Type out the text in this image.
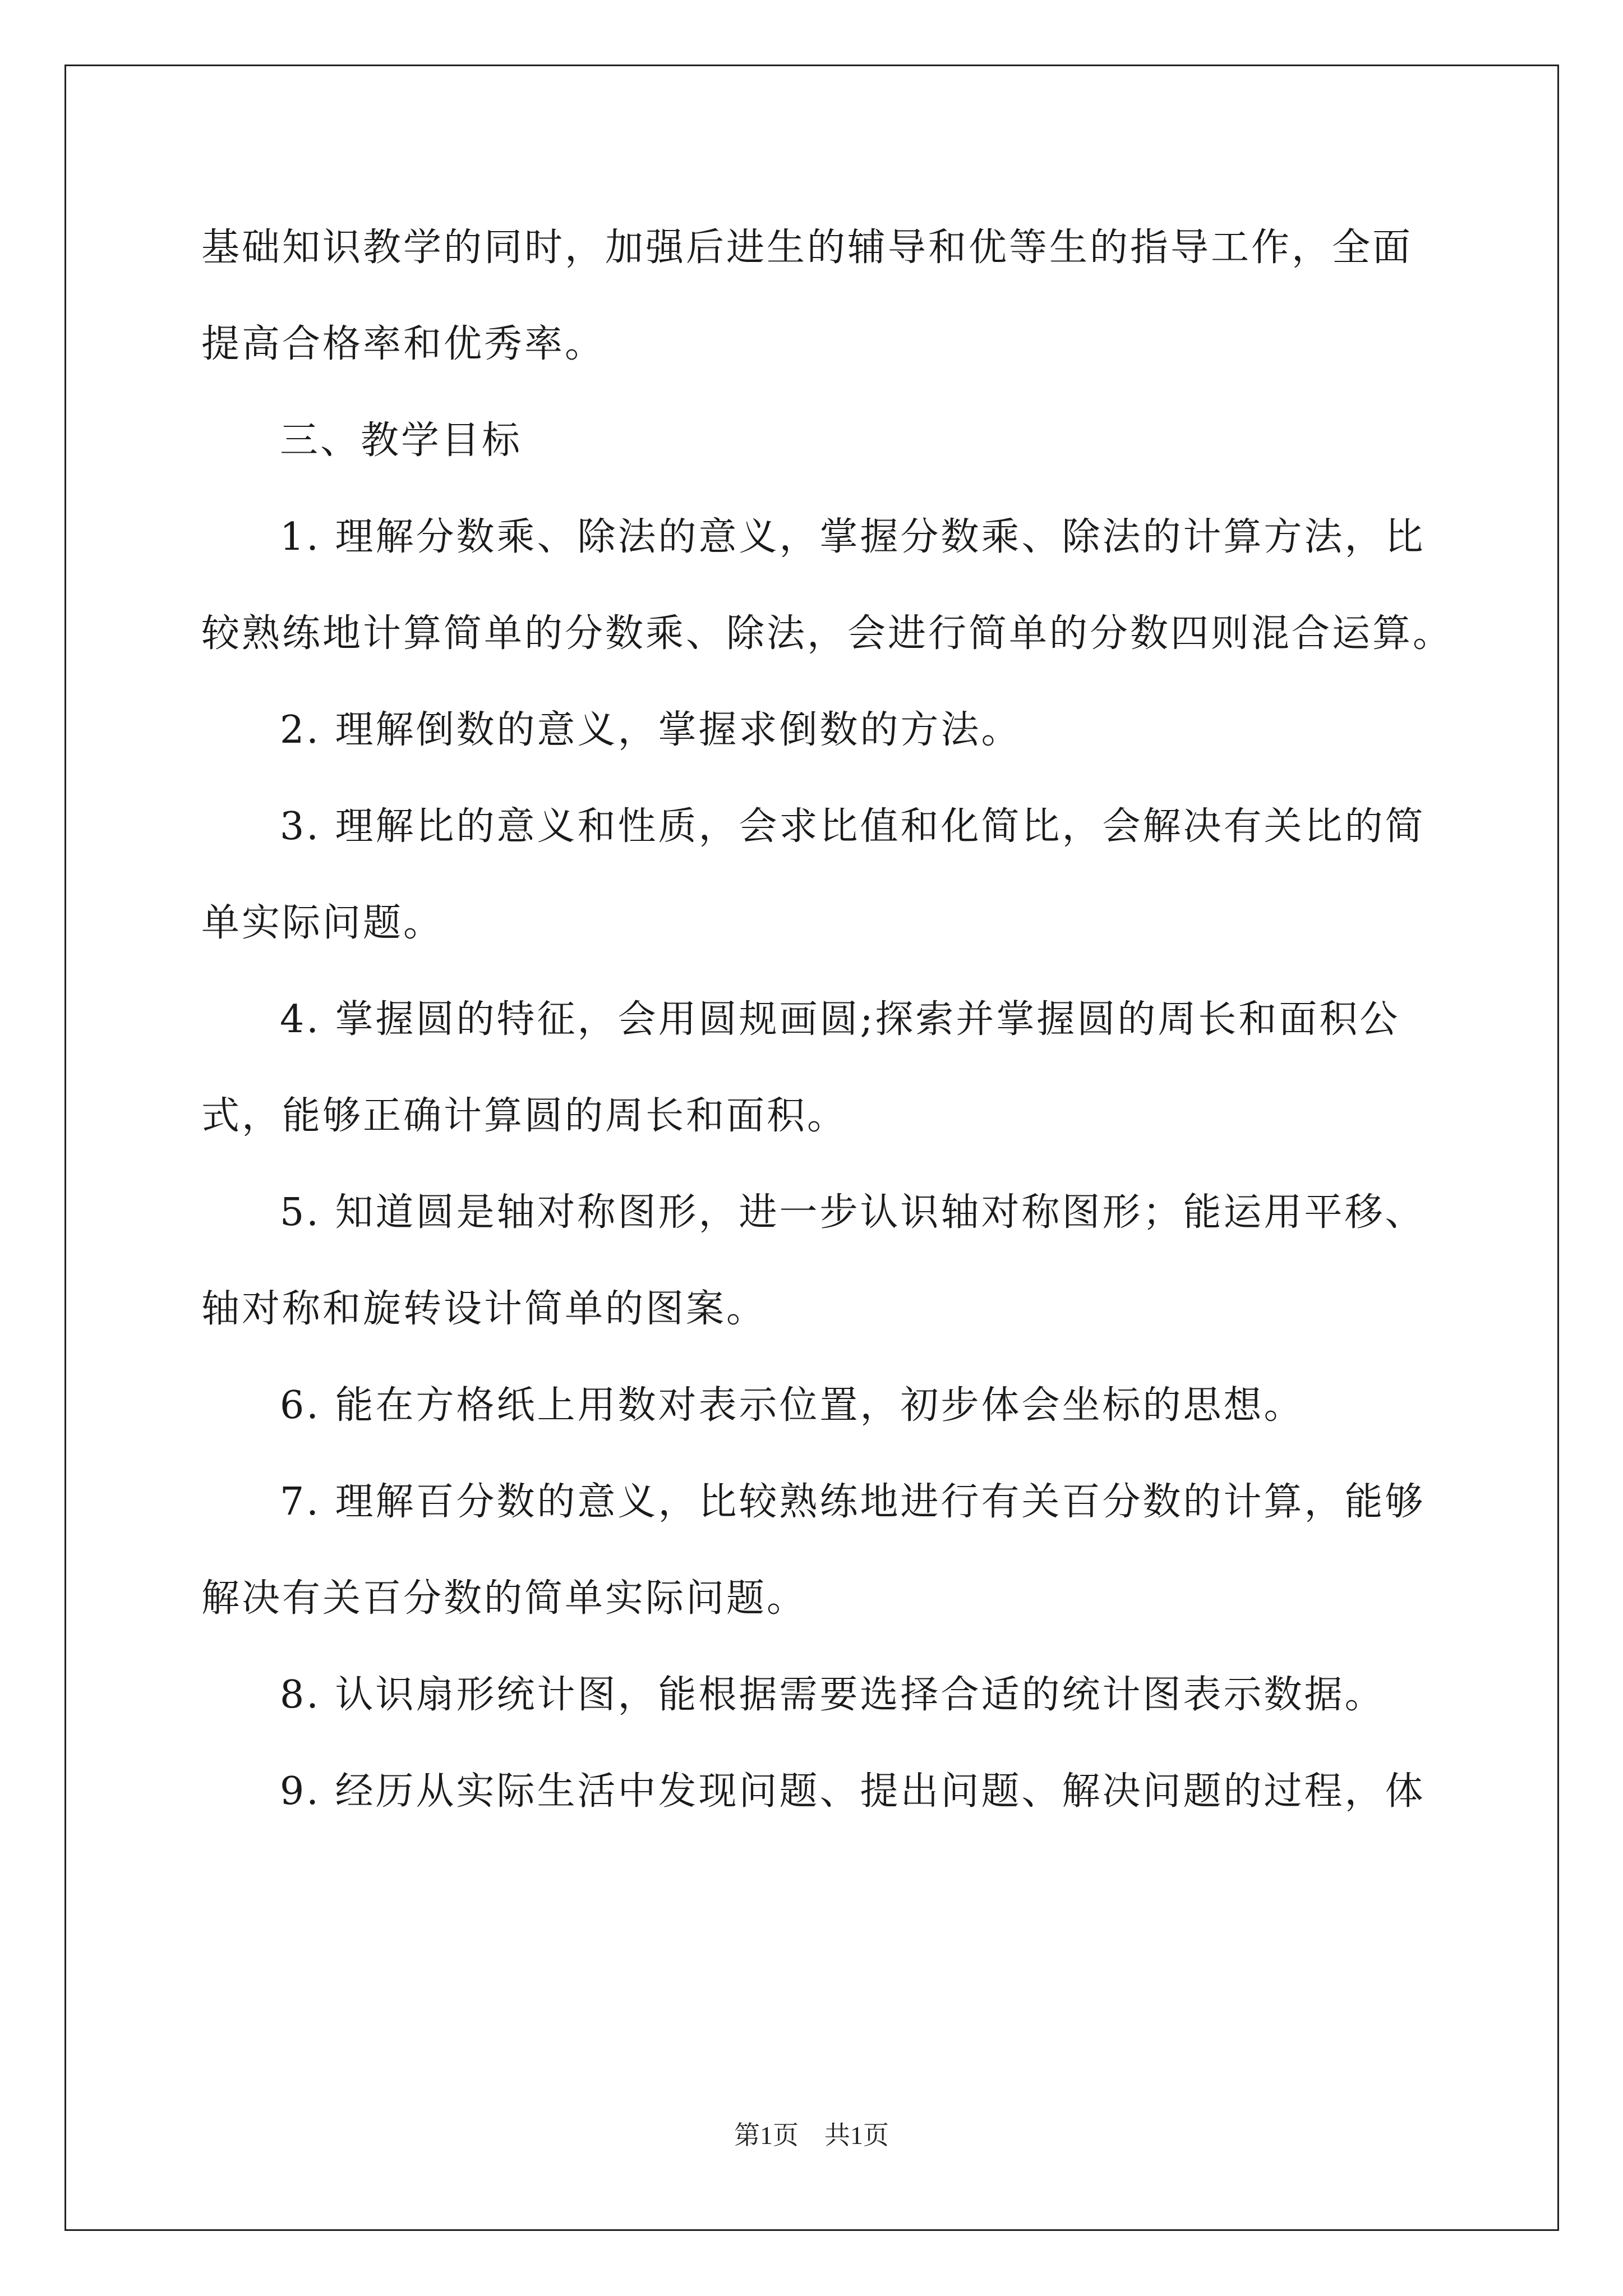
基础知识教学的同时，加强后进生的辅导和优等生的指导工作，全面
提高合格率和优秀率。
三、教学目标
1. 理解分数乘、除法的意义，掌握分数乘、除法的计算方法，比
较熟练地计算简单的分数乘、除法，会进行简单的分数四则混合运算。
2. 理解倒数的意义，掌握求倒数的方法。
3. 理解比的意义和性质，会求比值和化简比，会解决有关比的简
单实际问题。
4. 掌握圆的特征，会用圆规画圆;探索并掌握圆的周长和面积公
式，能够正确计算圆的周长和面积。
5. 知道圆是轴对称图形，进一步认识轴对称图形；能运用平移、
轴对称和旋转设计简单的图案。
6. 能在方格纸上用数对表示位置，初步体会坐标的思想。
7. 理解百分数的意义，比较熟练地进行有关百分数的计算，能够
解决有关百分数的简单实际问题。
8. 认识扇形统计图，能根据需要选择合适的统计图表示数据。
9. 经历从实际生活中发现问题、提出问题、解决问题的过程，体
第1页　共1页
